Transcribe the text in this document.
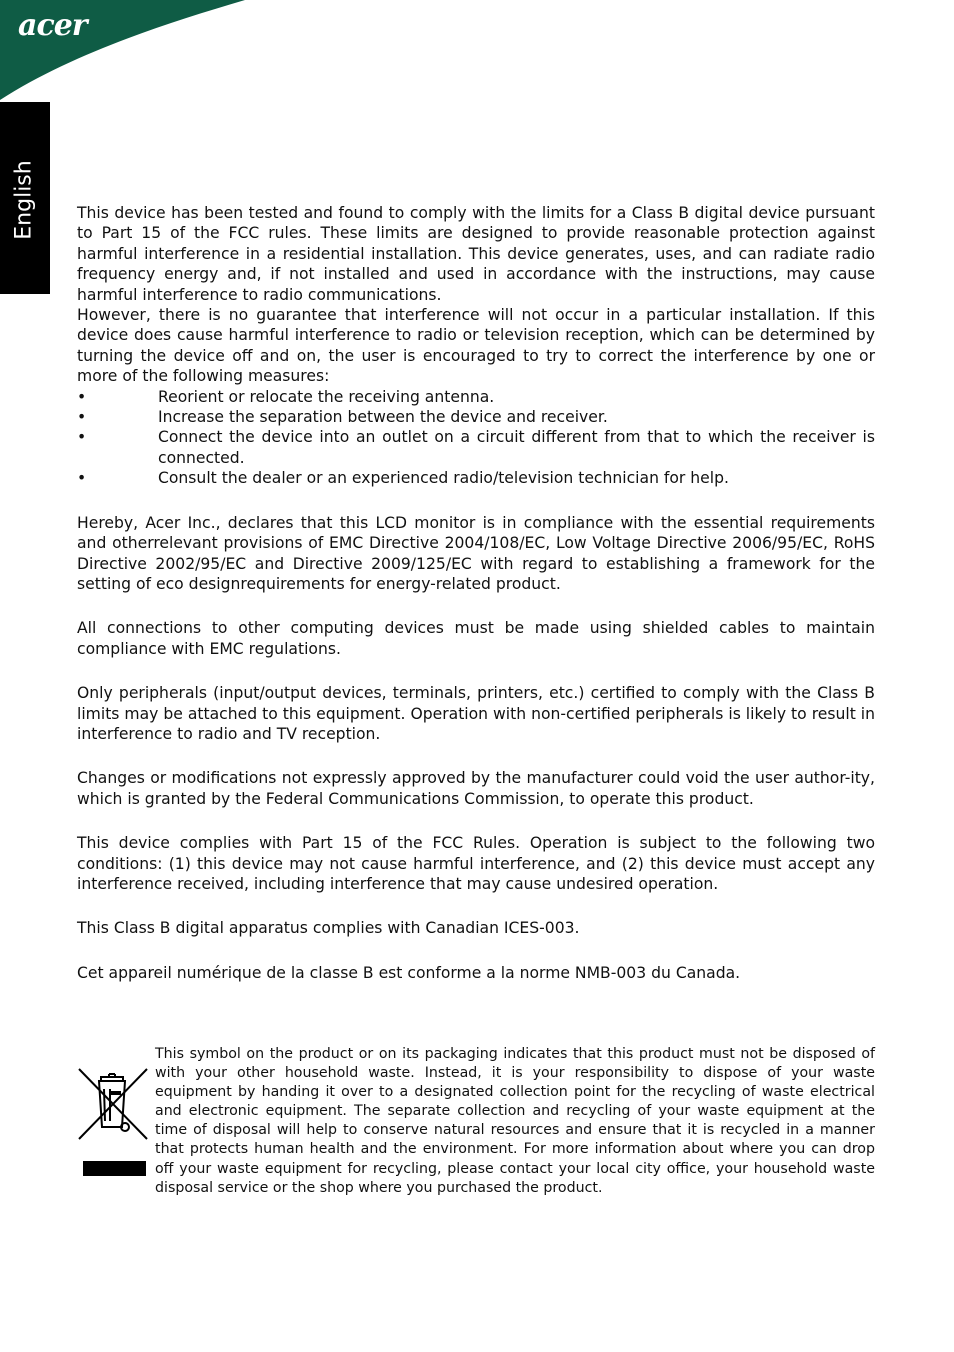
acer
English	This device has been tested and found to comply with the limits for a Class B digital device pursuant to Part 15 of the FCC rules. These limits are designed to provide reasonable protection against harmful interference in a residential installation. This device generates, uses, and can radiate radio frequency energy and, if not installed and used in accordance with the instructions, may cause harmful interference to radio communications.

However, there is no guarantee that interference will not occur in a particular installation. If this device does cause harmful interference to radio or television reception, which can be determined by turning the device off and on, the user is encouraged to try to correct the interference by one or more of the following measures:

•	Reorient or relocate the receiving antenna.
•	Increase the separation between the device and receiver.
•	Connect the device into an outlet on a circuit different from that to which the receiver is connected.
•	Consult the dealer or an experienced radio/television technician for help.

Hereby, Acer Inc., declares that this LCD monitor is in compliance with the essential requirements and otherrelevant provisions of EMC Directive 2004/108/EC, Low Voltage Directive 2006/95/EC, RoHS Directive 2002/95/EC and Directive 2009/125/EC with regard to establishing a framework for the setting of eco designrequirements for energy-related product.

All connections to other computing devices must be made using shielded cables to maintain compliance with EMC regulations.

Only peripherals (input/output devices, terminals, printers, etc.) certified to comply with the Class B limits may be attached to this equipment. Operation with non-certified peripherals is likely to result in interference to radio and TV reception.

Changes or modifications not expressly approved by the manufacturer could void the user author-ity, which is granted by the Federal Communications Commission, to operate this product.

This device complies with Part 15 of the FCC Rules. Operation is subject to the following two conditions: (1) this device may not cause harmful interference, and (2) this device must accept any interference received, including interference that may cause undesired operation.

This Class B digital apparatus complies with Canadian ICES-003.

Cet appareil numérique de la classe B est conforme a la norme NMB-003 du Canada.

This symbol on the product or on its packaging indicates that this product must not be disposed of with your other household waste. Instead, it is your responsibility to dispose of your waste equipment by handing it over to a designated collection point for the recycling of waste electrical and electronic equipment. The separate collection and recycling of your waste equipment at the time of disposal will help to conserve natural resources and ensure that it is recycled in a manner that protects human health and the environment. For more information about where you can drop off your waste equipment for recycling, please contact your local city office, your household waste disposal service or the shop where you purchased the product.
